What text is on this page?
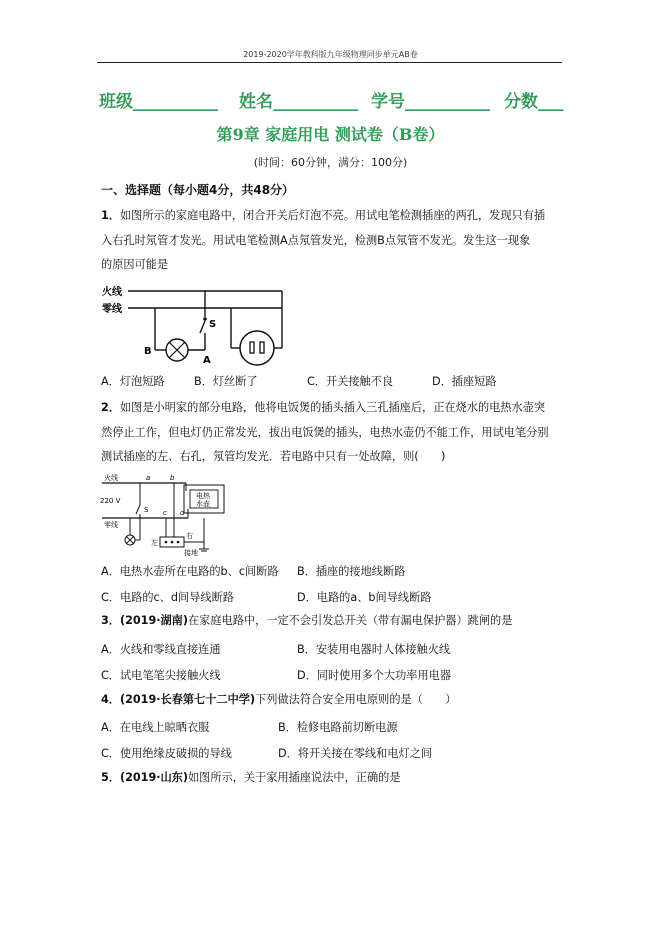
2019-2020学年教科版九年级物理同步单元AB卷
班级__________ 姓名__________ 学号__________ 分数___
第9章 家庭用电 测试卷（B卷）
(时间：60分钟，满分：100分)
一、选择题（每小题4分，共48分）
1．如图所示的家庭电路中，闭合开关后灯泡不亮。用试电笔检测插座的两孔，发现只有插
入右孔时氖管才发光。用试电笔检测A点氖管发光，检测B点氖管不发光。发生这一现象
的原因可能是
火线
零线
S
B
A
A．灯泡短路	B．灯丝断了	C．开关接触不良	D．插座短路
2．如图是小明家的部分电路，他将电饭煲的插头插入三孔插座后，正在烧水的电热水壶突
然停止工作，但电灯仍正常发光，拔出电饭煲的插头，电热水壶仍不能工作，用试电笔分别
测试插座的左、右孔，氖管均发光．若电路中只有一处故障，则(　　)
火线
220 V
零线
a	b
c d
S
左
右
接地
电热
水壶
A．电热水壶所在电路的b、c间断路 B．插座的接地线断路
C．电路的c、d间导线断路	D．电路的a、b间导线断路
3．(2019·湖南)在家庭电路中，一定不会引发总开关（带有漏电保护器）跳闸的是
A．火线和零线直接连通	B．安装用电器时人体接触火线
C．试电笔笔尖接触火线	D．同时使用多个大功率用电器
4．(2019·长春第七十二中学)下列做法符合安全用电原则的是（　　）
A．在电线上晾晒衣服	B．检修电路前切断电源
C．使用绝缘皮破损的导线	D．将开关接在零线和电灯之间
5．(2019·山东)如图所示，关于家用插座说法中，正确的是
